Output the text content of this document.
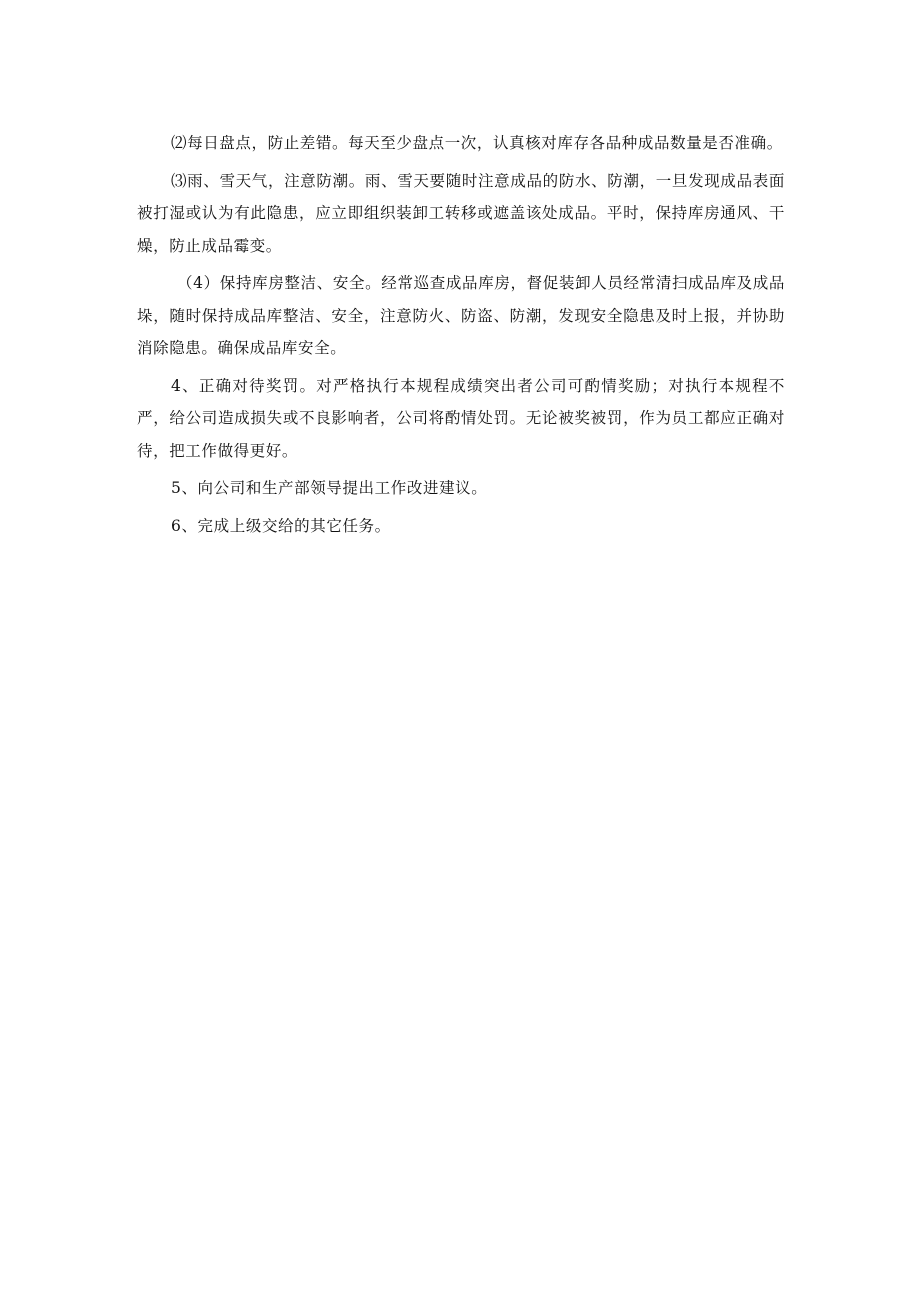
⑵每日盘点，防止差错。每天至少盘点一次，认真核对库存各品种成品数量是否准确。

⑶雨、雪天气，注意防潮。雨、雪天要随时注意成品的防水、防潮，一旦发现成品表面被打湿或认为有此隐患，应立即组织装卸工转移或遮盖该处成品。平时，保持库房通风、干燥，防止成品霉变。

（4）保持库房整洁、安全。经常巡查成品库房，督促装卸人员经常清扫成品库及成品垛，随时保持成品库整洁、安全，注意防火、防盗、防潮，发现安全隐患及时上报，并协助消除隐患。确保成品库安全。

4、正确对待奖罚。对严格执行本规程成绩突出者公司可酌情奖励；对执行本规程不严，给公司造成损失或不良影响者，公司将酌情处罚。无论被奖被罚，作为员工都应正确对待，把工作做得更好。

5、向公司和生产部领导提出工作改进建议。

6、完成上级交给的其它任务。
